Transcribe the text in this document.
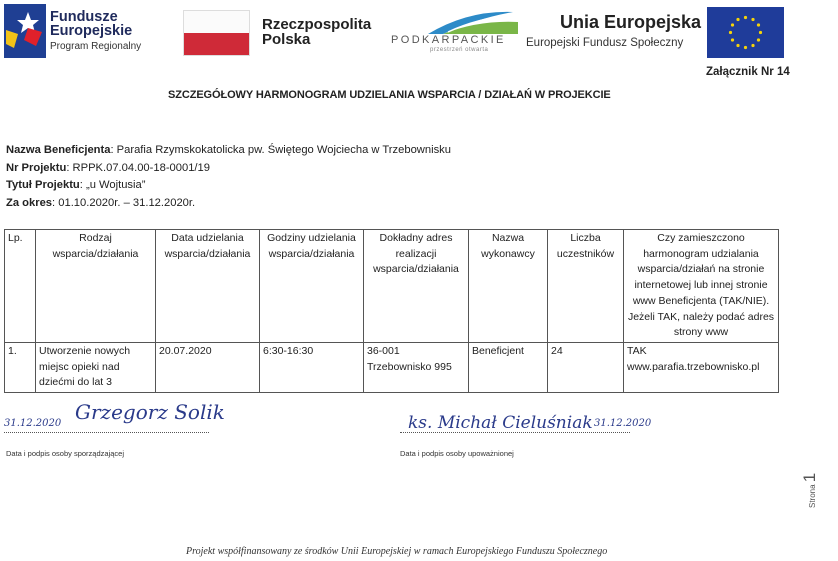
Fundusze
Europejskie
Program Regionalny
Rzeczpospolita
Polska	PODKARPACKIE
przestrzeń otwarta
Unia Europejska
Europejski Fundusz Społeczny
Załącznik Nr 14
SZCZEGÓŁOWY HARMONOGRAM UDZIELANIA WSPARCIA / DZIAŁAŃ W PROJEKCIE
Nazwa Beneficjenta: Parafia Rzymskokatolicka pw. Świętego Wojciecha w Trzebownisku
Nr Projektu: RPPK.07.04.00-18-0001/19
Tytuł Projektu: „u Wojtusia”
Za okres: 01.10.2020r. – 31.12.2020r.
Lp.	Rodzaj wsparcia/działania	Data udzielania wsparcia/działania	Godziny udzielania wsparcia/działania	Dokładny adres realizacji wsparcia/działania	Nazwa wykonawcy	Liczba uczestników	Czy zamieszczono harmonogram udzialania wsparcia/działań na stronie internetowej lub innej stronie www Beneficjenta (TAK/NIE). Jeżeli TAK, należy podać adres strony www
1.	Utworzenie nowych miejsc opieki nad dziećmi do lat 3	20.07.2020	6:30-16:30	36-001 Trzebownisko 995	Beneficjent	24	TAK www.parafia.trzebownisko.pl
31.12.2020 Grzegorz Solik
Data i podpis osoby sporządzającej
ks. Michał Cieluśniak 31.12.2020
Data i podpis osoby upoważnionej
Projekt współfinansowany ze środków Unii Europejskiej w ramach Europejskiego Funduszu Społecznego
Strona 1
